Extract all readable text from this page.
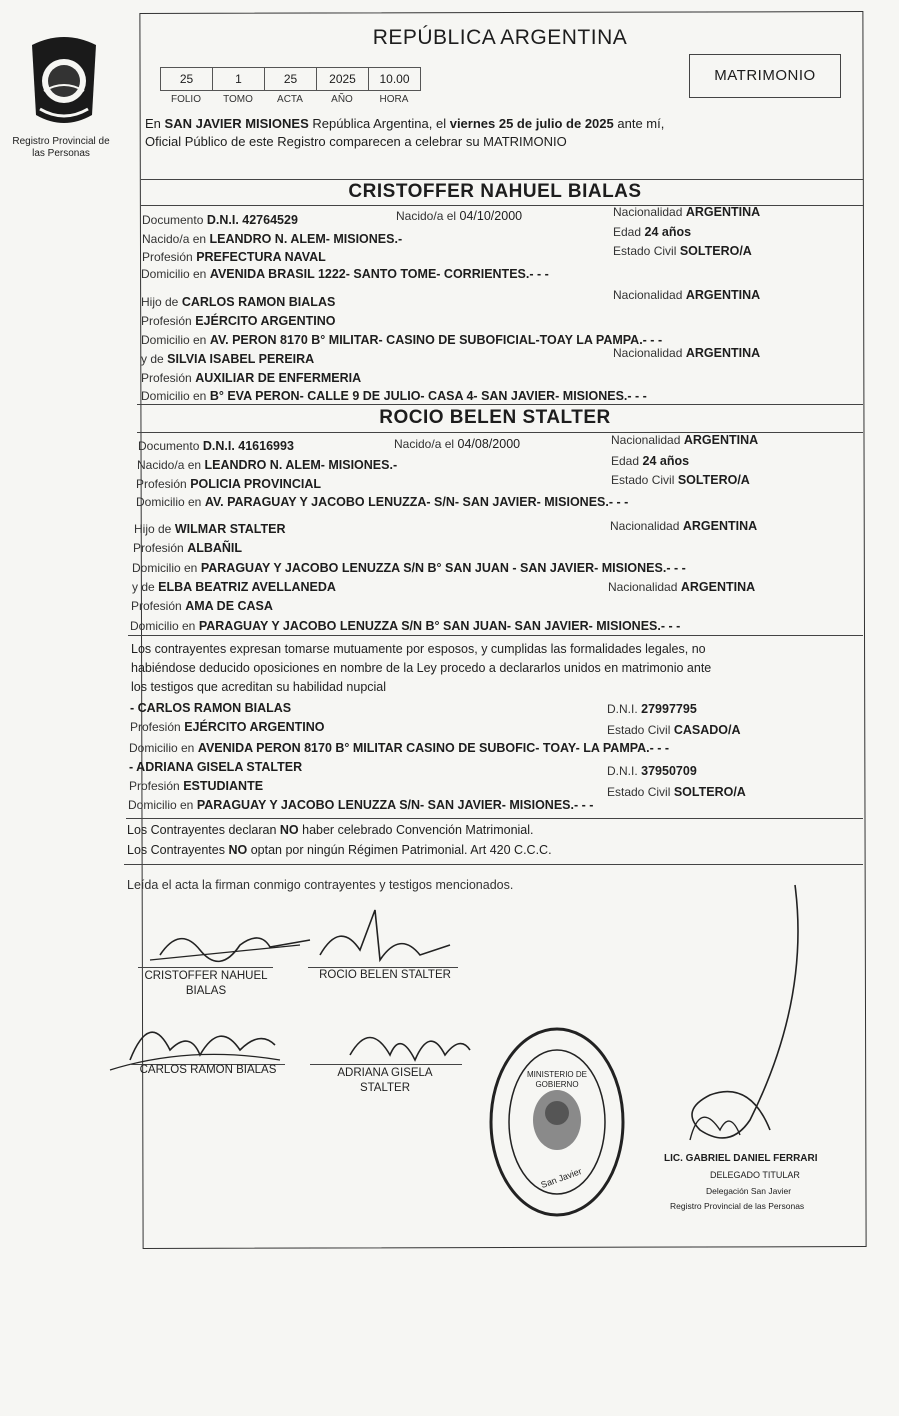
Registro Provincial de las Personas
REPÚBLICA ARGENTINA
25	1	25	2025	10.00
FOLIO	TOMO	ACTA	AÑO	HORA
MATRIMONIO
En SAN JAVIER MISIONES República Argentina, el viernes 25 de julio de 2025 ante mí,
Oficial Público de este Registro comparecen a celebrar su MATRIMONIO
CRISTOFFER NAHUEL BIALAS
Documento D.N.I. 42764529	Nacido/a el 04/10/2000	Nacionalidad ARGENTINA
Nacido/a en LEANDRO N. ALEM- MISIONES.-	Edad 24 años
Profesión PREFECTURA NAVAL	Estado Civil SOLTERO/A
Domicilio en AVENIDA BRASIL 1222- SANTO TOME- CORRIENTES.- - -
Hijo de CARLOS RAMON BIALAS	Nacionalidad ARGENTINA
Profesión EJÉRCITO ARGENTINO
Domicilio en AV. PERON 8170 B° MILITAR- CASINO DE SUBOFICIAL-TOAY LA PAMPA.- - -
y de SILVIA ISABEL PEREIRA	Nacionalidad ARGENTINA
Profesión AUXILIAR DE ENFERMERIA
Domicilio en B° EVA PERON- CALLE 9 DE JULIO- CASA 4- SAN JAVIER- MISIONES.- - -
ROCIO BELEN STALTER
Documento D.N.I. 41616993	Nacido/a el 04/08/2000	Nacionalidad ARGENTINA
Nacido/a en LEANDRO N. ALEM- MISIONES.-	Edad 24 años
Profesión POLICIA PROVINCIAL	Estado Civil SOLTERO/A
Domicilio en AV. PARAGUAY Y JACOBO LENUZZA- S/N- SAN JAVIER- MISIONES.- - -
Hijo de WILMAR STALTER	Nacionalidad ARGENTINA
Profesión ALBAÑIL
Domicilio en PARAGUAY Y JACOBO LENUZZA S/N B° SAN JUAN - SAN JAVIER- MISIONES.- - -
y de ELBA BEATRIZ AVELLANEDA	Nacionalidad ARGENTINA
Profesión AMA DE CASA
Domicilio en PARAGUAY Y JACOBO LENUZZA S/N B° SAN JUAN- SAN JAVIER- MISIONES.- - -
Los contrayentes expresan tomarse mutuamente por esposos, y cumplidas las formalidades legales, no
habiéndose deducido oposiciones en nombre de la Ley procedo a declararlos unidos en matrimonio ante
los testigos que acreditan su habilidad nupcial
- CARLOS RAMON BIALAS	D.N.I. 27997795
Profesión EJÉRCITO ARGENTINO	Estado Civil CASADO/A
Domicilio en AVENIDA PERON 8170 B° MILITAR CASINO DE SUBOFIC- TOAY- LA PAMPA.- - -
- ADRIANA GISELA STALTER	D.N.I. 37950709
Profesión ESTUDIANTE	Estado Civil SOLTERO/A
Domicilio en PARAGUAY Y JACOBO LENUZZA S/N- SAN JAVIER- MISIONES.- - -
Los Contrayentes declaran NO haber celebrado Convención Matrimonial.
Los Contrayentes NO optan por ningún Régimen Patrimonial. Art 420 C.C.C.
Leída el acta la firman conmigo contrayentes y testigos mencionados.
CRISTOFFER NAHUEL BIALAS
ROCIO BELEN STALTER
CARLOS RAMON BIALAS	ADRIANA GISELA STALTER
MINISTERIO DE GOBIERNO
San Javier
LIC. GABRIEL DANIEL FERRARI
DELEGADO TITULAR
Delegación San Javier
Registro Provincial de las Personas
